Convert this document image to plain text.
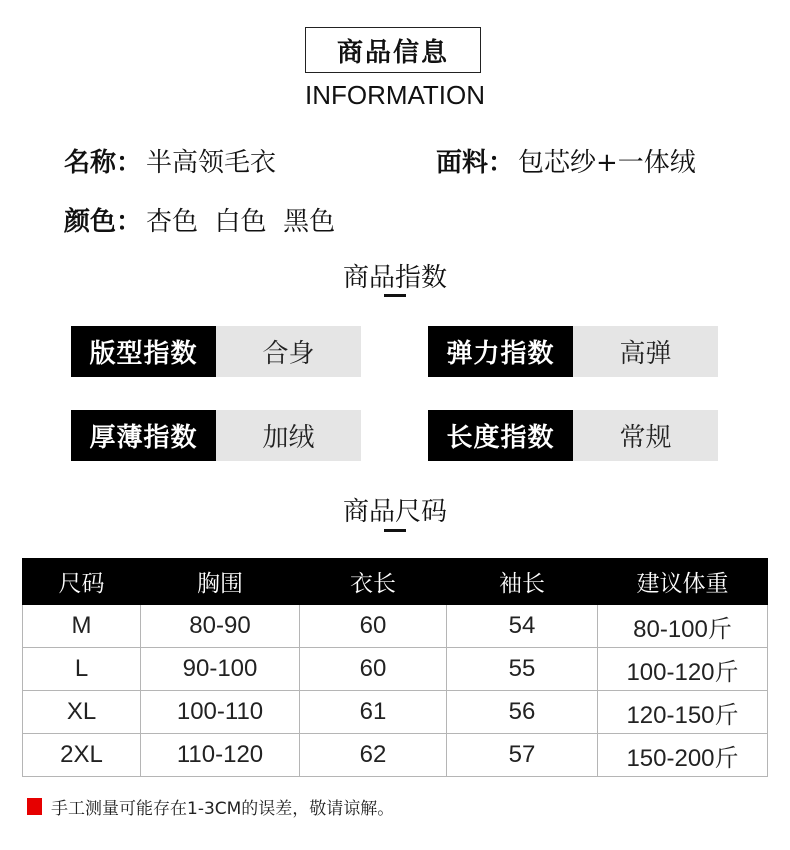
商品信息
INFORMATION
名称： 半高领毛衣	面料： 包芯纱+一体绒
颜色： 杏色  白色  黑色
商品指数
版型指数	合身	弹力指数	高弹
厚薄指数	加绒	长度指数	常规
商品尺码
尺码	胸围	衣长	袖长	建议体重
M	80-90	60	54	80-100斤
L	90-100	60	55	100-120斤
XL	100-110	61	56	120-150斤
2XL	110-120	62	57	150-200斤
手工测量可能存在1-3CM的误差，敬请谅解。
